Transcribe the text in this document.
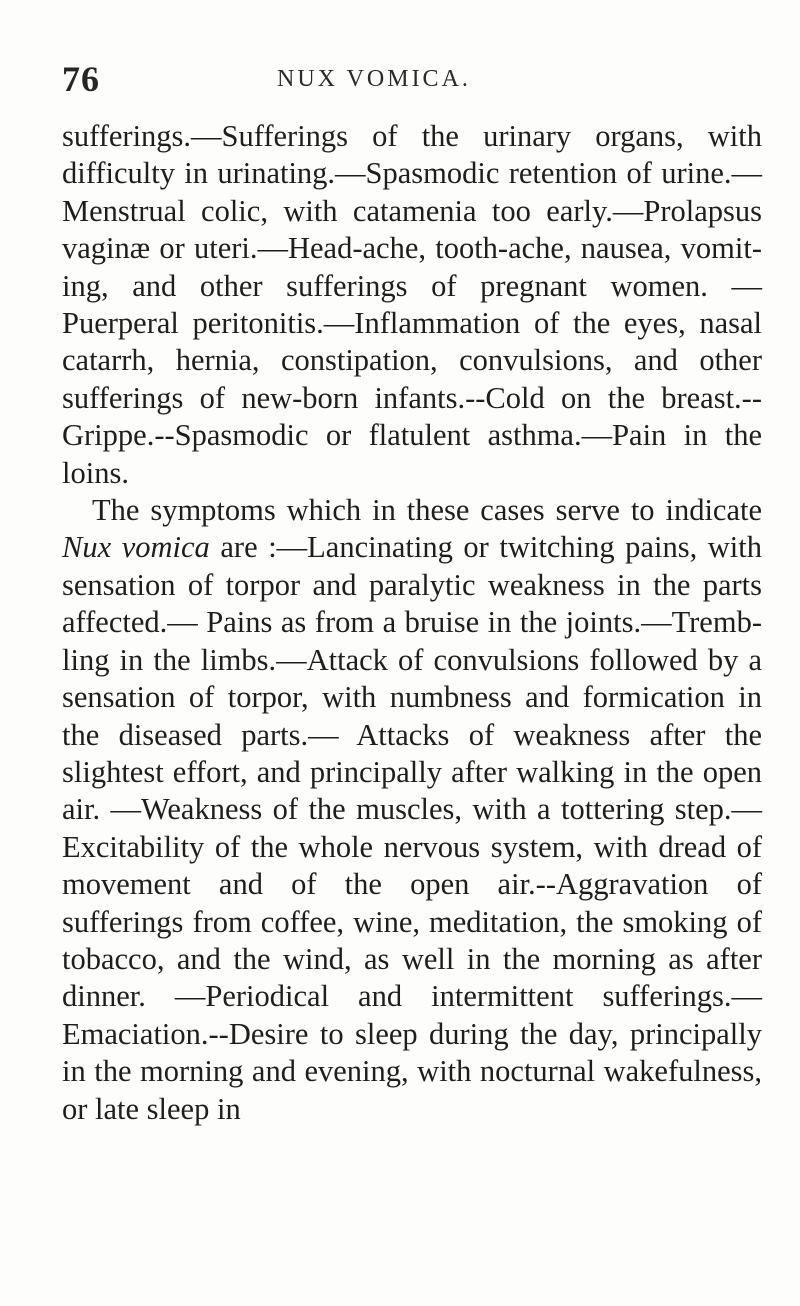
76	NUX VOMICA.

sufferings.—Sufferings of the urinary organs, with difficulty in urinating.—Spasmodic retention of urine.—Menstrual colic, with catamenia too early.—Prolapsus vaginæ or uteri.—Head-ache, tooth-ache, nausea, vomiting, and other sufferings of pregnant women. —Puerperal peritonitis.—Inflammation of the eyes, nasal catarrh, hernia, constipation, convulsions, and other sufferings of new-born infants.--Cold on the breast.--Grippe.--Spasmodic or flatulent asthma.—Pain in the loins.

The symptoms which in these cases serve to indicate Nux vomica are :—Lancinating or twitching pains, with sensation of torpor and paralytic weakness in the parts affected.— Pains as from a bruise in the joints.—Trembling in the limbs.—Attack of convulsions followed by a sensation of torpor, with numbness and formication in the diseased parts.— Attacks of weakness after the slightest effort, and principally after walking in the open air. —Weakness of the muscles, with a tottering step.—Excitability of the whole nervous system, with dread of movement and of the open air.--Aggravation of sufferings from coffee, wine, meditation, the smoking of tobacco, and the wind, as well in the morning as after dinner. —Periodical and intermittent sufferings.— Emaciation.--Desire to sleep during the day, principally in the morning and evening, with nocturnal wakefulness, or late sleep in
